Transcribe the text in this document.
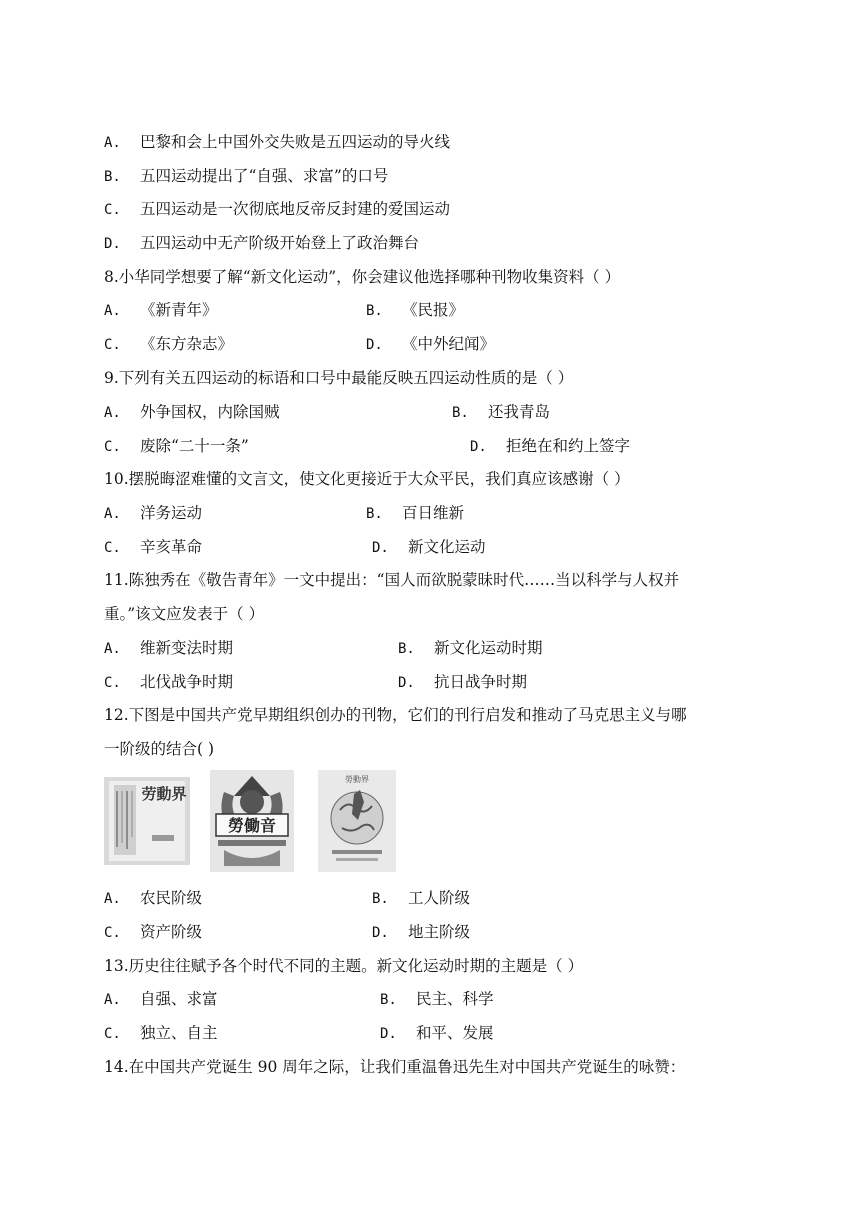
A. 巴黎和会上中国外交失败是五四运动的导火线
B. 五四运动提出了“自强、求富”的口号
C. 五四运动是一次彻底地反帝反封建的爱国运动
D. 五四运动中无产阶级开始登上了政治舞台
8.小华同学想要了解“新文化运动”，你会建议他选择哪种刊物收集资料（ ）
A. 《新青年》	B. 《民报》
C. 《东方杂志》	D. 《中外纪闻》
9.下列有关五四运动的标语和口号中最能反映五四运动性质的是（ ）
A. 外争国权，内除国贼	B. 还我青岛
C. 废除“二十一条”	D. 拒绝在和约上签字
10.摆脱晦涩难懂的文言文，使文化更接近于大众平民，我们真应该感谢（ ）
A. 洋务运动	B. 百日维新
C. 辛亥革命	D. 新文化运动
11.陈独秀在《敬告青年》一文中提出：“国人而欲脱蒙昧时代……当以科学与人权并
重。”该文应发表于（ ）
A. 维新变法时期	B. 新文化运动时期
C. 北伐战争时期	D. 抗日战争时期
12.下图是中国共产党早期组织创办的刊物，它们的刊行启发和推动了马克思主义与哪
一阶级的结合( )
劳動界
勞働音
勞動界
A. 农民阶级	B. 工人阶级
C. 资产阶级	D. 地主阶级
13.历史往往赋予各个时代不同的主题。新文化运动时期的主题是（ ）
A. 自强、求富	B. 民主、科学
C. 独立、自主	D. 和平、发展
14.在中国共产党诞生 90 周年之际，让我们重温鲁迅先生对中国共产党诞生的咏赞：
